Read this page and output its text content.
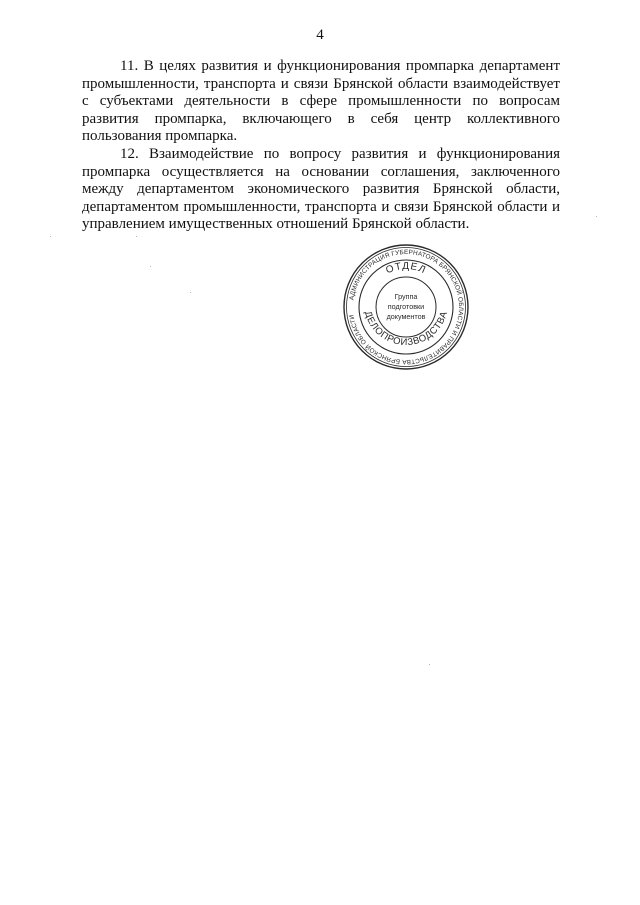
4

11. В целях развития и функционирования промпарка департамент промышленности, транспорта и связи Брянской области взаимодействует с субъектами деятельности в сфере промышленности по вопросам развития промпарка, включающего в себя центр коллективного пользования промпарка.

12. Взаимодействие по вопросу развития и функционирования промпарка осуществляется на основании соглашения, заключенного между департаментом экономического развития Брянской области, департаментом промышленности, транспорта и связи Брянской области и управлением имущественных отношений Брянской области.

АДМИНИСТРАЦИЯ ГУБЕРНАТОРА БРЯНСКОЙ ОБЛАСТИ И ПРАВИТЕЛЬСТВА БРЯНСКОЙ ОБЛАСТИ
ОТДЕЛ
ДЕЛОПРОИЗВОДСТВА
Группа
подготовки
документов
